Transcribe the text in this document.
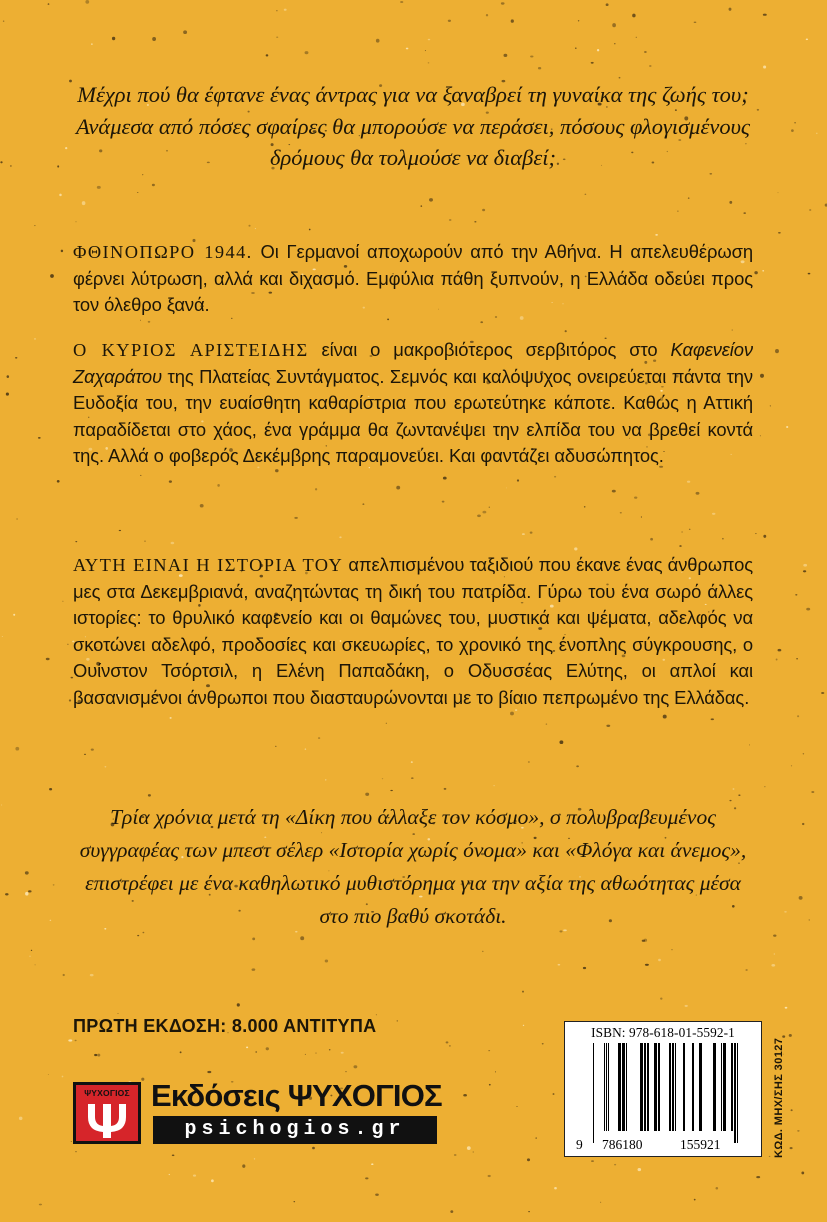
Μέχρι πού θα έφτανε ένας άντρας για να ξαναβρεί τη γυναίκα της ζωής του; Ανάμεσα από πόσες σφαίρες θα μπορούσε να περάσει, πόσους φλογισμένους δρόμους θα τολμούσε να διαβεί;
ΦΘΙΝΟΠΩΡΟ 1944. Οι Γερμανοί αποχωρούν από την Αθήνα. Η απελευθέρωση φέρνει λύτρωση, αλλά και διχασμό. Εμφύλια πάθη ξυπνούν, η Ελλάδα οδεύει προς τον όλεθρο ξανά.
Ο ΚΥΡΙΟΣ ΑΡΙΣΤΕΙΔΗΣ είναι ο μακροβιότερος σερβιτόρος στο Καφενείον Ζαχαράτου της Πλατείας Συντάγματος. Σεμνός και καλόψυχος ονειρεύεται πάντα την Ευδοξία του, την ευαίσθητη καθαρίστρια που ερωτεύτηκε κάποτε. Καθώς η Αττική παραδίδεται στο χάος, ένα γράμμα θα ζωντανέψει την ελπίδα του να βρεθεί κοντά της. Αλλά ο φοβερός Δεκέμβρης παραμονεύει. Και φαντάζει αδυσώπητος.
ΑΥΤΗ ΕΙΝΑΙ Η ΙΣΤΟΡΙΑ ΤΟΥ απελπισμένου ταξιδιού που έκανε ένας άνθρωπος μες στα Δεκεμβριανά, αναζητώντας τη δική του πατρίδα. Γύρω του ένα σωρό άλλες ιστορίες: το θρυλικό καφενείο και οι θαμώνες του, μυστικά και ψέματα, αδελφός να σκοτώνει αδελφό, προδοσίες και σκευωρίες, το χρονικό της ένοπλης σύγκρουσης, ο Ουίνστον Τσόρτσιλ, η Ελένη Παπαδάκη, ο Οδυσσέας Ελύτης, οι απλοί και βασανισμένοι άνθρωποι που διασταυρώνονται με το βίαιο πεπρωμένο της Ελλάδας.
Τρία χρόνια μετά τη «Δίκη που άλλαξε τον κόσμο», ο πολυβραβευμένος συγγραφέας των μπεστ σέλερ «Ιστορία χωρίς όνομα» και «Φλόγα και άνεμος», επιστρέφει με ένα καθηλωτικό μυθιστόρημα για την αξία της αθωότητας μέσα στο πιο βαθύ σκοτάδι.
ΠΡΩΤΗ ΕΚΔΟΣΗ: 8.000 ΑΝΤΙΤΥΠΑ
ΨΥΧΟΓΙΟΣ Εκδόσεις ΨΥΧΟΓΙΟΣ
psichogios.gr
ISBN: 978-618-01-5592-1
9 786180	155921	ΚΩΔ. ΜΗΧ/ΣΗΣ 30127
